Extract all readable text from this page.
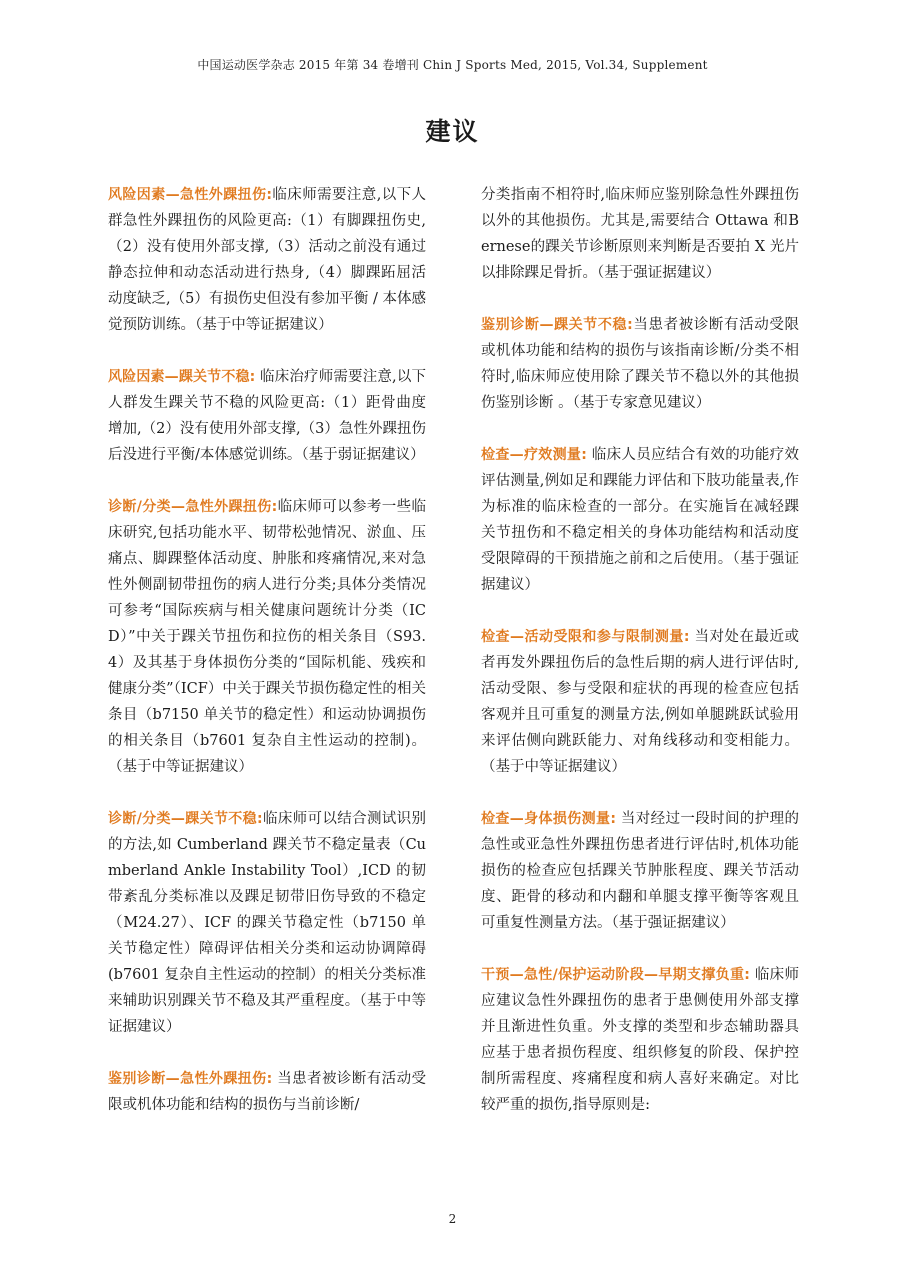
中国运动医学杂志 2015 年第 34 卷增刊 Chin J Sports Med, 2015, Vol.34, Supplement
建议

风险因素—急性外踝扭伤:临床师需要注意,以下人群急性外踝扭伤的风险更高:（1）有脚踝扭伤史,（2）没有使用外部支撑,（3）活动之前没有通过静态拉伸和动态活动进行热身,（4）脚踝跖屈活动度缺乏,（5）有损伤史但没有参加平衡 / 本体感觉预防训练。（基于中等证据建议）

风险因素—踝关节不稳: 临床治疗师需要注意,以下人群发生踝关节不稳的风险更高:（1）距骨曲度增加,（2）没有使用外部支撑,（3）急性外踝扭伤后没进行平衡/本体感觉训练。（基于弱证据建议）

诊断/分类—急性外踝扭伤:临床师可以参考一些临床研究,包括功能水平、韧带松弛情况、淤血、压痛点、脚踝整体活动度、肿胀和疼痛情况,来对急性外侧副韧带扭伤的病人进行分类;具体分类情况可参考“国际疾病与相关健康问题统计分类（ICD）”中关于踝关节扭伤和拉伤的相关条目（S93.4）及其基于身体损伤分类的“国际机能、残疾和健康分类”（ICF）中关于踝关节损伤稳定性的相关条目（b7150 单关节的稳定性）和运动协调损伤的相关条目（b7601 复杂自主性运动的控制)。（基于中等证据建议）

诊断/分类—踝关节不稳:临床师可以结合测试识别的方法,如 Cumberland 踝关节不稳定量表（Cumberland Ankle Instability Tool）,ICD 的韧带紊乱分类标准以及踝足韧带旧伤导致的不稳定（M24.27）、ICF 的踝关节稳定性（b7150 单关节稳定性）障碍评估相关分类和运动协调障碍(b7601 复杂自主性运动的控制）的相关分类标准来辅助识别踝关节不稳及其严重程度。（基于中等证据建议）

鉴别诊断—急性外踝扭伤: 当患者被诊断有活动受限或机体功能和结构的损伤与当前诊断/

分类指南不相符时,临床师应鉴别除急性外踝扭伤以外的其他损伤。尤其是,需要结合 Ottawa 和Bernese的踝关节诊断原则来判断是否要拍 X 光片以排除踝足骨折。（基于强证据建议）

鉴别诊断—踝关节不稳:当患者被诊断有活动受限或机体功能和结构的损伤与该指南诊断/分类不相符时,临床师应使用除了踝关节不稳以外的其他损伤鉴别诊断 。（基于专家意见建议）

检查—疗效测量: 临床人员应结合有效的功能疗效评估测量,例如足和踝能力评估和下肢功能量表,作为标准的临床检查的一部分。在实施旨在减轻踝关节扭伤和不稳定相关的身体功能结构和活动度受限障碍的干预措施之前和之后使用。（基于强证据建议）

检查—活动受限和参与限制测量: 当对处在最近或者再发外踝扭伤后的急性后期的病人进行评估时,活动受限、参与受限和症状的再现的检查应包括客观并且可重复的测量方法,例如单腿跳跃试验用来评估侧向跳跃能力、对角线移动和变相能力。（基于中等证据建议）

检查—身体损伤测量: 当对经过一段时间的护理的急性或亚急性外踝扭伤患者进行评估时,机体功能损伤的检查应包括踝关节肿胀程度、踝关节活动度、距骨的移动和内翻和单腿支撑平衡等客观且可重复性测量方法。（基于强证据建议）

干预—急性/保护运动阶段—早期支撑负重: 临床师应建议急性外踝扭伤的患者于患侧使用外部支撑并且渐进性负重。外支撑的类型和步态辅助器具应基于患者损伤程度、组织修复的阶段、保护控制所需程度、疼痛程度和病人喜好来确定。对比较严重的损伤,指导原则是:

2
